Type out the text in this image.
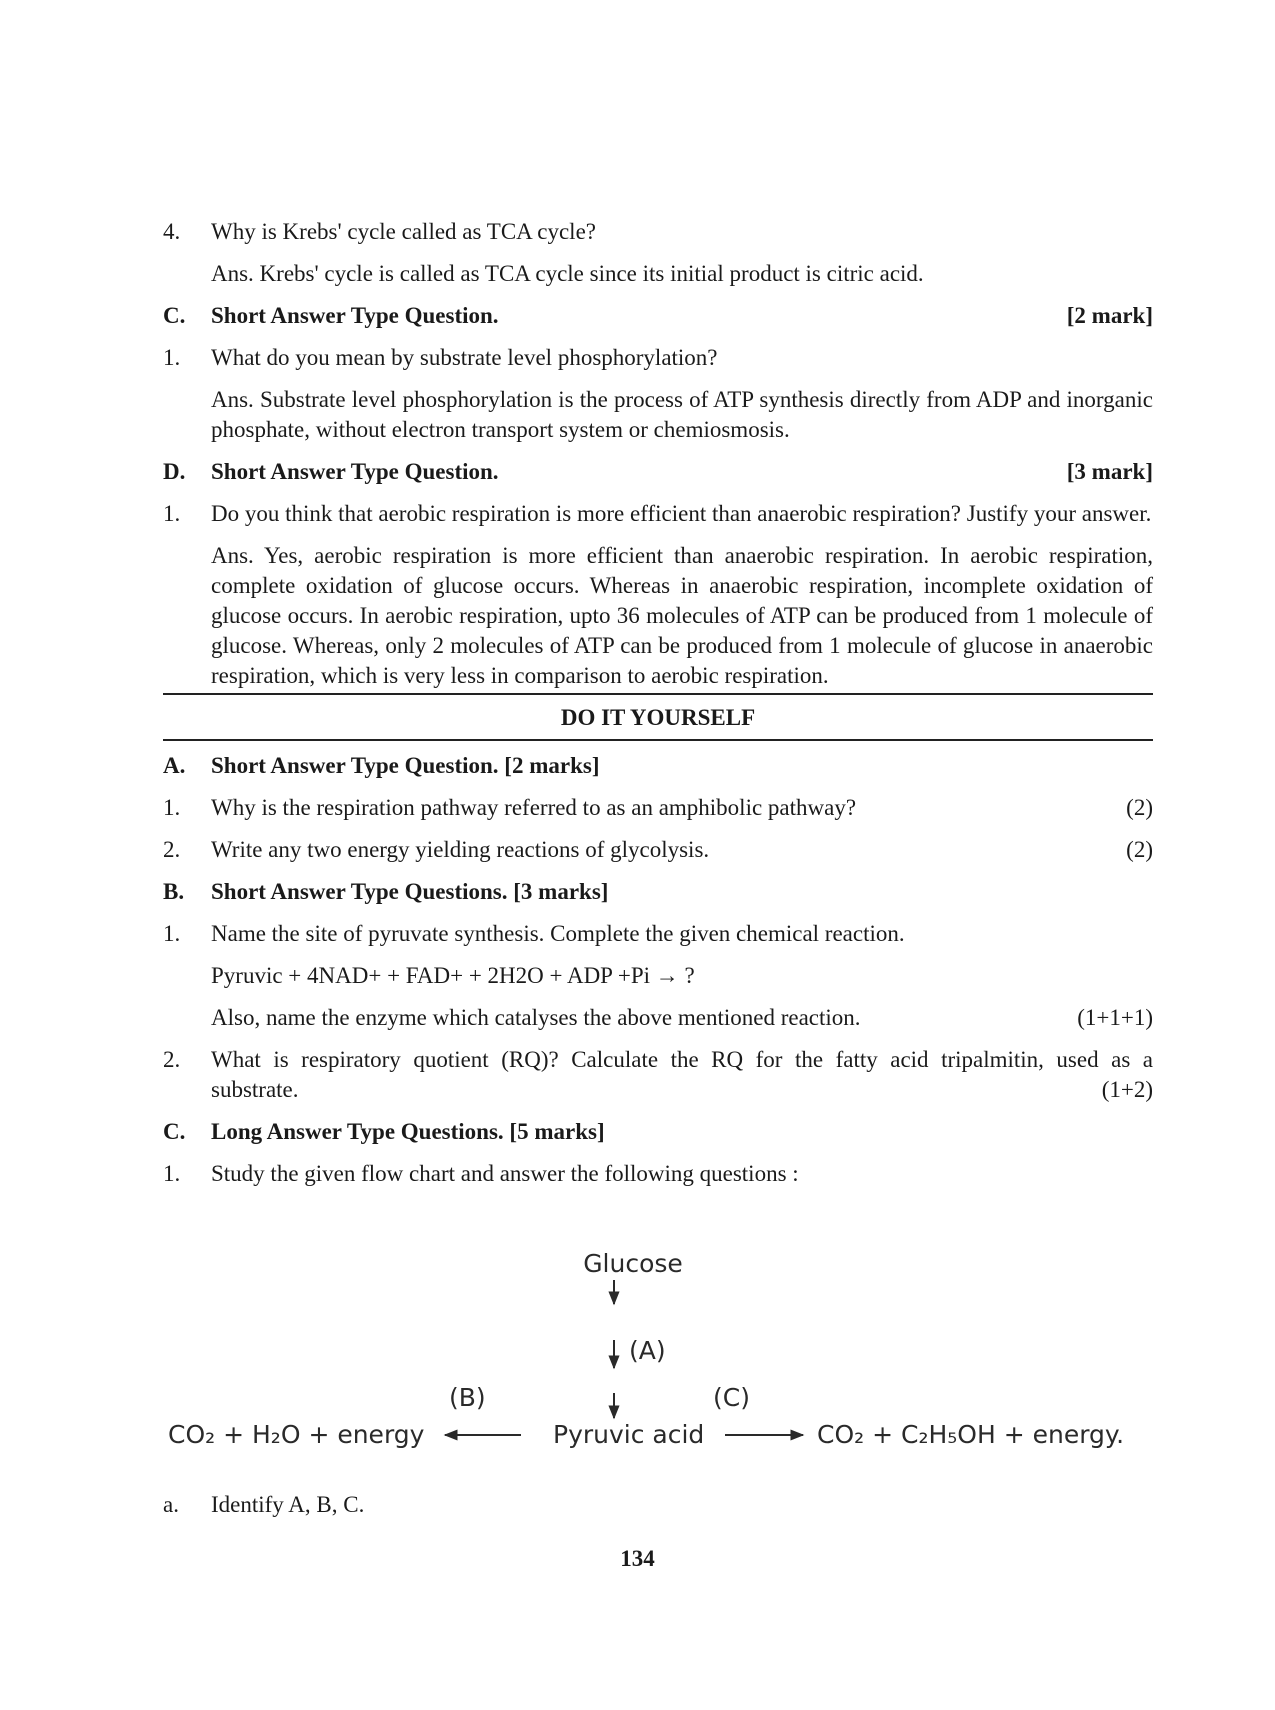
4.	Why is Krebs' cycle called as TCA cycle?
Ans. Krebs' cycle is called as TCA cycle since its initial product is citric acid.
C.	Short Answer Type Question.	[2 mark]
1.	What do you mean by substrate level phosphorylation?
Ans. Substrate level phosphorylation is the process of ATP synthesis directly from ADP and inorganic phosphate, without electron transport system or chemiosmosis.
D.	Short Answer Type Question.	[3 mark]
1.	Do you think that aerobic respiration is more efficient than anaerobic respiration? Justify your answer.
Ans. Yes, aerobic respiration is more efficient than anaerobic respiration. In aerobic respiration, complete oxidation of glucose occurs. Whereas in anaerobic respiration, incomplete oxidation of glucose occurs. In aerobic respiration, upto 36 molecules of ATP can be produced from 1 molecule of glucose. Whereas, only 2 molecules of ATP can be produced from 1 molecule of glucose in anaerobic respiration, which is very less in comparison to aerobic respiration.
DO IT YOURSELF
A.	Short Answer Type Question. [2 marks]
1.	Why is the respiration pathway referred to as an amphibolic pathway?	(2)
2.	Write any two energy yielding reactions of glycolysis.	(2)
B.	Short Answer Type Questions. [3 marks]
1.	Name the site of pyruvate synthesis. Complete the given chemical reaction.
Pyruvic + 4NAD+ + FAD+ + 2H2O + ADP +Pi → ?
Also, name the enzyme which catalyses the above mentioned reaction.	(1+1+1)
2.	What is respiratory quotient (RQ)? Calculate the RQ for the fatty acid tripalmitin, used as a
substrate.	(1+2)
C.	Long Answer Type Questions. [5 marks]
1.	Study the given flow chart and answer the following questions :
Glucose
(A)
(B)	(C)
CO₂ + H₂O + energy	Pyruvic acid	CO₂ + C₂H₅OH + energy.
a.	Identify A, B, C.
134
